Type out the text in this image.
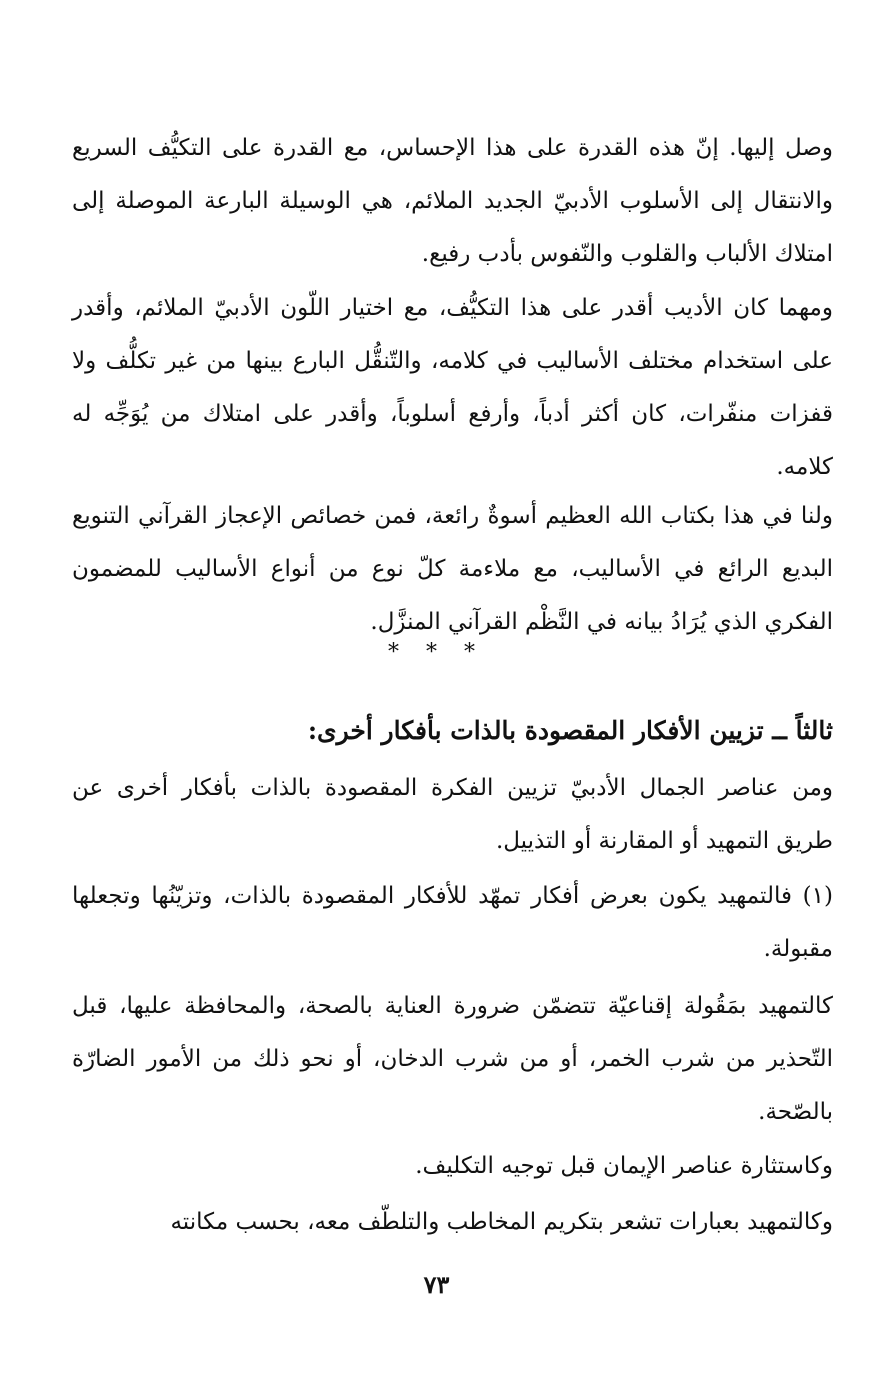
وصل إليها. إنّ هذه القدرة على هذا الإحساس، مع القدرة على التكيُّف السريع والانتقال إلى الأسلوب الأدبيّ الجديد الملائم، هي الوسيلة البارعة الموصلة إلى امتلاك الألباب والقلوب والنّفوس بأدب رفيع.

ومهما كان الأديب أقدر على هذا التكيُّف، مع اختيار اللّون الأدبيّ الملائم، وأقدر على استخدام مختلف الأساليب في كلامه، والتّنقُّل البارع بينها من غير تكلُّف ولا قفزات منفّرات، كان أكثر أدباً، وأرفع أسلوباً، وأقدر على امتلاك من يُوَجِّه له كلامه.

ولنا في هذا بكتاب الله العظيم أسوةٌ رائعة، فمن خصائص الإعجاز القرآني التنويع البديع الرائع في الأساليب، مع ملاءمة كلّ نوع من أنواع الأساليب للمضمون الفكري الذي يُرَادُ بيانه في النَّظْم القرآني المنزَّل.

* * *
ثالثاً ــ تزيين الأفكار المقصودة بالذات بأفكار أخرى:

ومن عناصر الجمال الأدبيّ تزيين الفكرة المقصودة بالذات بأفكار أخرى عن طريق التمهيد أو المقارنة أو التذييل.

(١) فالتمهيد يكون بعرض أفكار تمهّد للأفكار المقصودة بالذات، وتزيّنُها وتجعلها مقبولة.

كالتمهيد بمَقُولة إقناعيّة تتضمّن ضرورة العناية بالصحة، والمحافظة عليها، قبل التّحذير من شرب الخمر، أو من شرب الدخان، أو نحو ذلك من الأمور الضارّة بالصّحة.

وكاستثارة عناصر الإيمان قبل توجيه التكليف.

وكالتمهيد بعبارات تشعر بتكريم المخاطب والتلطّف معه، بحسب مكانته

٧٣
